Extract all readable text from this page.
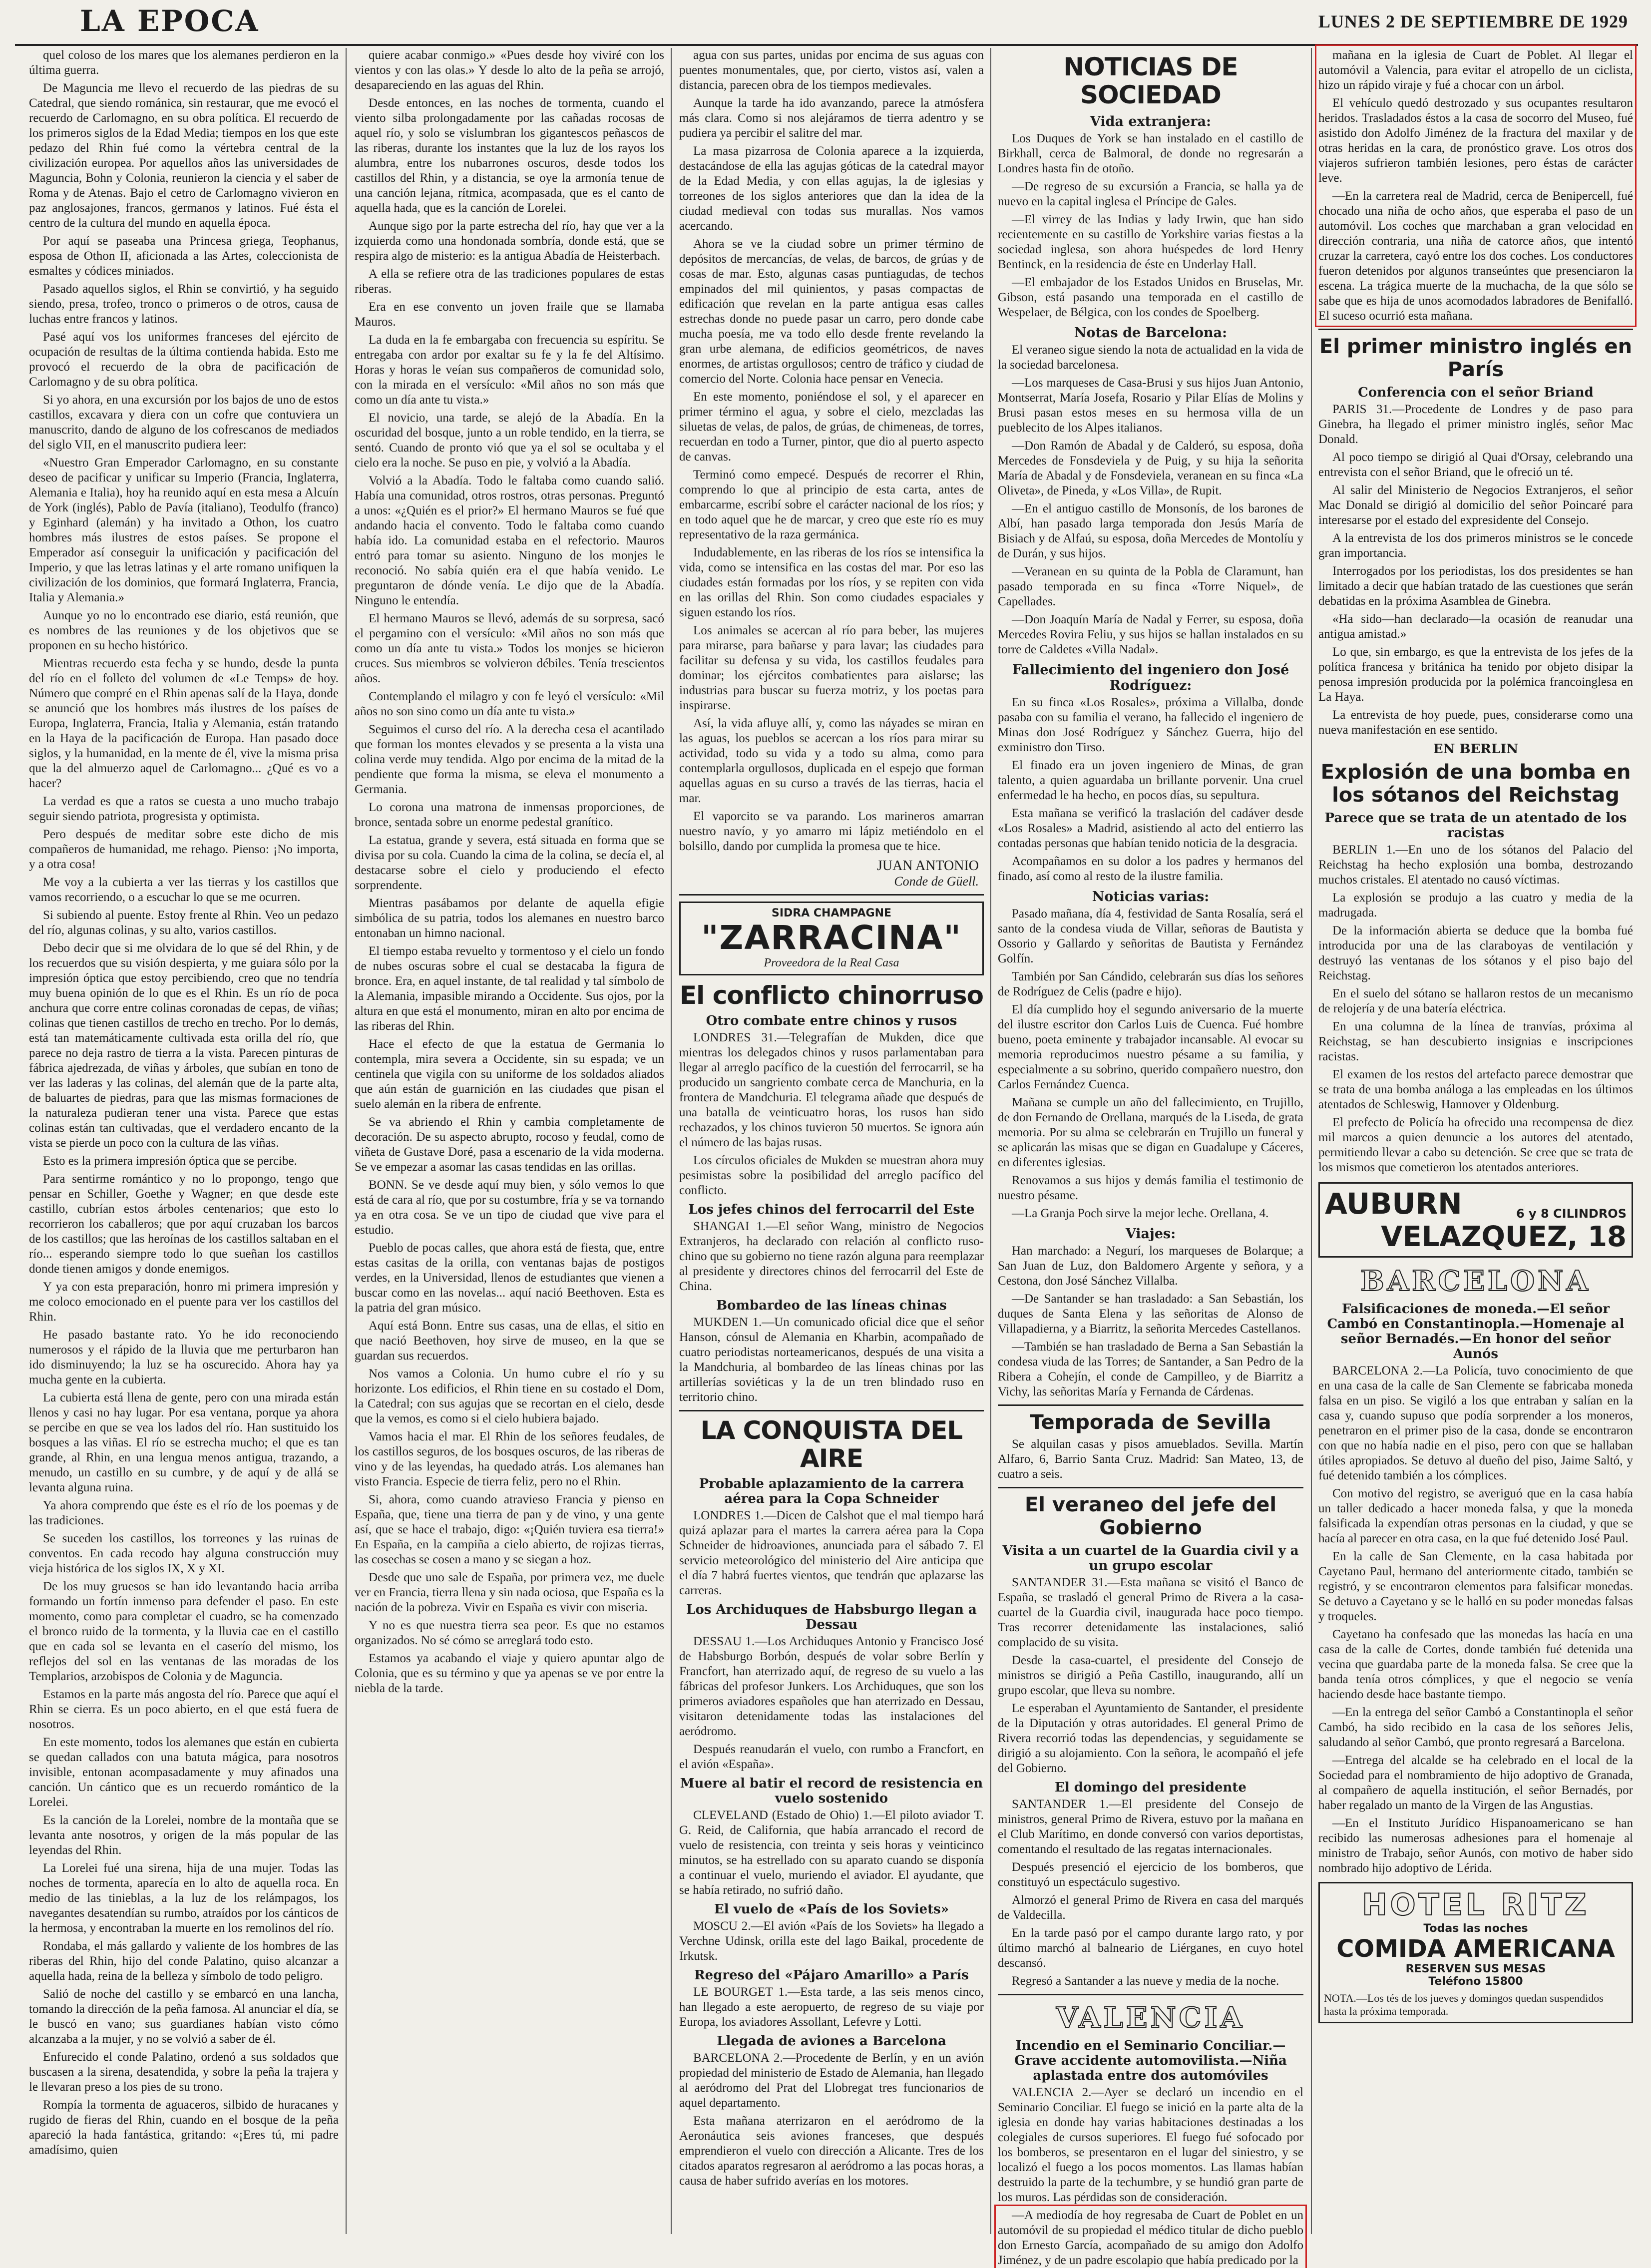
LA EPOCA	LUNES 2 DE SEPTIEMBRE DE 1929

quel coloso de los mares que los alemanes perdieron en la última guerra.

De Maguncia me llevo el recuerdo de las piedras de su Catedral, que siendo románica, sin restaurar, que me evocó el recuerdo de Carlomagno, en su obra política. El recuerdo de los primeros siglos de la Edad Media; tiempos en los que este pedazo del Rhin fué como la vértebra central de la civilización europea. Por aquellos años las universidades de Maguncia, Bohn y Colonia, reunieron la ciencia y el saber de Roma y de Atenas. Bajo el cetro de Carlomagno vivieron en paz anglosajones, francos, germanos y latinos. Fué ésta el centro de la cultura del mundo en aquella época.

Por aquí se paseaba una Princesa griega, Teophanus, esposa de Othon II, aficionada a las Artes, coleccionista de esmaltes y códices miniados.

Pasado aquellos siglos, el Rhin se convirtió, y ha seguido siendo, presa, trofeo, tronco o primeros o de otros, causa de luchas entre francos y latinos.

Pasé aquí vos los uniformes franceses del ejército de ocupación de resultas de la última contienda habida. Esto me provocó el recuerdo de la obra de pacificación de Carlomagno y de su obra política.

Si yo ahora, en una excursión por los bajos de uno de estos castillos, excavara y diera con un cofre que contuviera un manuscrito, dando de alguno de los cofrescanos de mediados del siglo VII, en el manuscrito pudiera leer:

«Nuestro Gran Emperador Carlomagno, en su constante deseo de pacificar y unificar su Imperio (Francia, Inglaterra, Alemania e Italia), hoy ha reunido aquí en esta mesa a Alcuín de York (inglés), Pablo de Pavía (italiano), Teodulfo (franco) y Eginhard (alemán) y ha invitado a Othon, los cuatro hombres más ilustres de estos países. Se propone el Emperador así conseguir la unificación y pacificación del Imperio, y que las letras latinas y el arte romano unifiquen la civilización de los dominios, que formará Inglaterra, Francia, Italia y Alemania.»

Aunque yo no lo encontrado ese diario, está reunión, que es nombres de las reuniones y de los objetivos que se proponen en su hecho histórico.

Mientras recuerdo esta fecha y se hundo, desde la punta del río en el folleto del volumen de «Le Temps» de hoy. Número que compré en el Rhin apenas salí de la Haya, donde se anunció que los hombres más ilustres de los países de Europa, Inglaterra, Francia, Italia y Alemania, están tratando en la Haya de la pacificación de Europa. Han pasado doce siglos, y la humanidad, en la mente de él, vive la misma prisa que la del almuerzo aquel de Carlomagno... ¿Qué es vo a hacer?

La verdad es que a ratos se cuesta a uno mucho trabajo seguir siendo patriota, progresista y optimista.

Pero después de meditar sobre este dicho de mis compañeros de humanidad, me rehago. Pienso: ¡No importa, y a otra cosa!

Me voy a la cubierta a ver las tierras y los castillos que vamos recorriendo, o a escuchar lo que se me ocurren.

Si subiendo al puente. Estoy frente al Rhin. Veo un pedazo del río, algunas colinas, y su alto, varios castillos.

Debo decir que si me olvidara de lo que sé del Rhin, y de los recuerdos que su visión despierta, y me guiara sólo por la impresión óptica que estoy percibiendo, creo que no tendría muy buena opinión de lo que es el Rhin. Es un río de poca anchura que corre entre colinas coronadas de cepas, de viñas; colinas que tienen castillos de trecho en trecho. Por lo demás, está tan matemáticamente cultivada esta orilla del río, que parece no deja rastro de tierra a la vista. Parecen pinturas de fábrica ajedrezada, de viñas y árboles, que subían en tono de ver las laderas y las colinas, del alemán que de la parte alta, de baluartes de piedras, para que las mismas formaciones de la naturaleza pudieran tener una vista. Parece que estas colinas están tan cultivadas, que el verdadero encanto de la vista se pierde un poco con la cultura de las viñas.

Esto es la primera impresión óptica que se percibe.

Para sentirme romántico y no lo propongo, tengo que pensar en Schiller, Goethe y Wagner; en que desde este castillo, cubrían estos árboles centenarios; que esto lo recorrieron los caballeros; que por aquí cruzaban los barcos de los castillos; que las heroínas de los castillos saltaban en el río... esperando siempre todo lo que sueñan los castillos donde tienen amigos y donde enemigos.

Y ya con esta preparación, honro mi primera impresión y me coloco emocionado en el puente para ver los castillos del Rhin.

He pasado bastante rato. Yo he ido reconociendo numerosos y el rápido de la lluvia que me perturbaron han ido disminuyendo; la luz se ha oscurecido. Ahora hay ya mucha gente en la cubierta.

La cubierta está llena de gente, pero con una mirada están llenos y casi no hay lugar. Por esa ventana, porque ya ahora se percibe en que se vea los lados del río. Han sustituido los bosques a las viñas. El río se estrecha mucho; el que es tan grande, al Rhin, en una lengua menos antigua, trazando, a menudo, un castillo en su cumbre, y de aquí y de allá se levanta alguna ruina.

Ya ahora comprendo que éste es el río de los poemas y de las tradiciones.

Se suceden los castillos, los torreones y las ruinas de conventos. En cada recodo hay alguna construcción muy vieja histórica de los siglos IX, X y XI.

De los muy gruesos se han ido levantando hacia arriba formando un fortín inmenso para defender el paso. En este momento, como para completar el cuadro, se ha comenzado el bronco ruido de la tormenta, y la lluvia cae en el castillo que en cada sol se levanta en el caserío del mismo, los reflejos del sol en las ventanas de las moradas de los Templarios, arzobispos de Colonia y de Maguncia.

Estamos en la parte más angosta del río. Parece que aquí el Rhin se cierra. Es un poco abierto, en el que está fuera de nosotros.

En este momento, todos los alemanes que están en cubierta se quedan callados con una batuta mágica, para nosotros invisible, entonan acompasadamente y muy afinados una canción. Un cántico que es un recuerdo romántico de la Lorelei.

Es la canción de la Lorelei, nombre de la montaña que se levanta ante nosotros, y origen de la más popular de las leyendas del Rhin.

La Lorelei fué una sirena, hija de una mujer. Todas las noches de tormenta, aparecía en lo alto de aquella roca. En medio de las tinieblas, a la luz de los relámpagos, los navegantes desatendían su rumbo, atraídos por los cánticos de la hermosa, y encontraban la muerte en los remolinos del río.

Rondaba, el más gallardo y valiente de los hombres de las riberas del Rhin, hijo del conde Palatino, quiso alcanzar a aquella hada, reina de la belleza y símbolo de todo peligro.

Salió de noche del castillo y se embarcó en una lancha, tomando la dirección de la peña famosa. Al anunciar el día, se le buscó en vano; sus guardianes habían visto cómo alcanzaba a la mujer, y no se volvió a saber de él.

Enfurecido el conde Palatino, ordenó a sus soldados que buscasen a la sirena, desatendida, y sobre la peña la trajera y le llevaran preso a los pies de su trono.

Rompía la tormenta de aguaceros, silbido de huracanes y rugido de fieras del Rhin, cuando en el bosque de la peña apareció la hada fantástica, gritando: «¡Eres tú, mi padre amadísimo, quien

quiere acabar conmigo.» «Pues desde hoy viviré con los vientos y con las olas.» Y desde lo alto de la peña se arrojó, desapareciendo en las aguas del Rhin.

Desde entonces, en las noches de tormenta, cuando el viento silba prolongadamente por las cañadas rocosas de aquel río, y solo se vislumbran los gigantescos peñascos de las riberas, durante los instantes que la luz de los rayos los alumbra, entre los nubarrones oscuros, desde todos los castillos del Rhin, y a distancia, se oye la armonía tenue de una canción lejana, rítmica, acompasada, que es el canto de aquella hada, que es la canción de Lorelei.

Aunque sigo por la parte estrecha del río, hay que ver a la izquierda como una hondonada sombría, donde está, que se respira algo de misterio: es la antigua Abadía de Heisterbach.

A ella se refiere otra de las tradiciones populares de estas riberas.

Era en ese convento un joven fraile que se llamaba Mauros.

La duda en la fe embargaba con frecuencia su espíritu. Se entregaba con ardor por exaltar su fe y la fe del Altísimo. Horas y horas le veían sus compañeros de comunidad solo, con la mirada en el versículo: «Mil años no son más que como un día ante tu vista.»

El novicio, una tarde, se alejó de la Abadía. En la oscuridad del bosque, junto a un roble tendido, en la tierra, se sentó. Cuando de pronto vió que ya el sol se ocultaba y el cielo era la noche. Se puso en pie, y volvió a la Abadía.

Volvió a la Abadía. Todo le faltaba como cuando salió. Había una comunidad, otros rostros, otras personas. Preguntó a unos: «¿Quién es el prior?» El hermano Mauros se fué que andando hacia el convento. Todo le faltaba como cuando había ido. La comunidad estaba en el refectorio. Mauros entró para tomar su asiento. Ninguno de los monjes le reconoció. No sabía quién era el que había venido. Le preguntaron de dónde venía. Le dijo que de la Abadía. Ninguno le entendía.

El hermano Mauros se llevó, además de su sorpresa, sacó el pergamino con el versículo: «Mil años no son más que como un día ante tu vista.» Todos los monjes se hicieron cruces. Sus miembros se volvieron débiles. Tenía trescientos años.

Contemplando el milagro y con fe leyó el versículo: «Mil años no son sino como un día ante tu vista.»

Seguimos el curso del río. A la derecha cesa el acantilado que forman los montes elevados y se presenta a la vista una colina verde muy tendida. Algo por encima de la mitad de la pendiente que forma la misma, se eleva el monumento a Germania.

Lo corona una matrona de inmensas proporciones, de bronce, sentada sobre un enorme pedestal granítico.

La estatua, grande y severa, está situada en forma que se divisa por su cola. Cuando la cima de la colina, se decía el, al destacarse sobre el cielo y produciendo el efecto sorprendente.

Mientras pasábamos por delante de aquella efigie simbólica de su patria, todos los alemanes en nuestro barco entonaban un himno nacional.

El tiempo estaba revuelto y tormentoso y el cielo un fondo de nubes oscuras sobre el cual se destacaba la figura de bronce. Era, en aquel instante, de tal realidad y tal símbolo de la Alemania, impasible mirando a Occidente. Sus ojos, por la altura en que está el monumento, miran en alto por encima de las riberas del Rhin.

Hace el efecto de que la estatua de Germania lo contempla, mira severa a Occidente, sin su espada; ve un centinela que vigila con su uniforme de los soldados aliados que aún están de guarnición en las ciudades que pisan el suelo alemán en la ribera de enfrente.

Se va abriendo el Rhin y cambia completamente de decoración. De su aspecto abrupto, rocoso y feudal, como de viñeta de Gustave Doré, pasa a escenario de la vida moderna. Se ve empezar a asomar las casas tendidas en las orillas.

BONN. Se ve desde aquí muy bien, y sólo vemos lo que está de cara al río, que por su costumbre, fría y se va tornando ya en otra cosa. Se ve un tipo de ciudad que vive para el estudio.

Pueblo de pocas calles, que ahora está de fiesta, que, entre estas casitas de la orilla, con ventanas bajas de postigos verdes, en la Universidad, llenos de estudiantes que vienen a buscar como en las novelas... aquí nació Beethoven. Esta es la patria del gran músico.

Aquí está Bonn. Entre sus casas, una de ellas, el sitio en que nació Beethoven, hoy sirve de museo, en la que se guardan sus recuerdos.

Nos vamos a Colonia. Un humo cubre el río y su horizonte. Los edificios, el Rhin tiene en su costado el Dom, la Catedral; con sus agujas que se recortan en el cielo, desde que la vemos, es como si el cielo hubiera bajado.

Vamos hacia el mar. El Rhin de los señores feudales, de los castillos seguros, de los bosques oscuros, de las riberas de vino y de las leyendas, ha quedado atrás. Los alemanes han visto Francia. Especie de tierra feliz, pero no el Rhin.

Si, ahora, como cuando atravieso Francia y pienso en España, que, tiene una tierra de pan y de vino, y una gente así, que se hace el trabajo, digo: «¡Quién tuviera esa tierra!» En España, en la campiña a cielo abierto, de rojizas tierras, las cosechas se cosen a mano y se siegan a hoz.

Desde que uno sale de España, por primera vez, me duele ver en Francia, tierra llena y sin nada ociosa, que España es la nación de la pobreza. Vivir en España es vivir con miseria.

Y no es que nuestra tierra sea peor. Es que no estamos organizados. No sé cómo se arreglará todo esto.

Estamos ya acabando el viaje y quiero apuntar algo de Colonia, que es su término y que ya apenas se ve por entre la niebla de la tarde.

agua con sus partes, unidas por encima de sus aguas con puentes monumentales, que, por cierto, vistos así, valen a distancia, parecen obra de los tiempos medievales.

Aunque la tarde ha ido avanzando, parece la atmósfera más clara. Como si nos alejáramos de tierra adentro y se pudiera ya percibir el salitre del mar.

La masa pizarrosa de Colonia aparece a la izquierda, destacándose de ella las agujas góticas de la catedral mayor de la Edad Media, y con ellas agujas, la de iglesias y torreones de los siglos anteriores que dan la idea de la ciudad medieval con todas sus murallas. Nos vamos acercando.

Ahora se ve la ciudad sobre un primer término de depósitos de mercancías, de velas, de barcos, de grúas y de cosas de mar. Esto, algunas casas puntiagudas, de techos empinados del mil quinientos, y pasas compactas de edificación que revelan en la parte antigua esas calles estrechas donde no puede pasar un carro, pero donde cabe mucha poesía, me va todo ello desde frente revelando la gran urbe alemana, de edificios geométricos, de naves enormes, de artistas orgullosos; centro de tráfico y ciudad de comercio del Norte. Colonia hace pensar en Venecia.

En este momento, poniéndose el sol, y el aparecer en primer término el agua, y sobre el cielo, mezcladas las siluetas de velas, de palos, de grúas, de chimeneas, de torres, recuerdan en todo a Turner, pintor, que dio al puerto aspecto de canvas.

Terminó como empecé. Después de recorrer el Rhin, comprendo lo que al principio de esta carta, antes de embarcarme, escribí sobre el carácter nacional de los ríos; y en todo aquel que he de marcar, y creo que este río es muy representativo de la raza germánica.

Indudablemente, en las riberas de los ríos se intensifica la vida, como se intensifica en las costas del mar. Por eso las ciudades están formadas por los ríos, y se repiten con vida en las orillas del Rhin. Son como ciudades espaciales y siguen estando los ríos.

Los animales se acercan al río para beber, las mujeres para mirarse, para bañarse y para lavar; las ciudades para facilitar su defensa y su vida, los castillos feudales para dominar; los ejércitos combatientes para aislarse; las industrias para buscar su fuerza motriz, y los poetas para inspirarse.

Así, la vida afluye allí, y, como las náyades se miran en las aguas, los pueblos se acercan a los ríos para mirar su actividad, todo su vida y a todo su alma, como para contemplarla orgullosos, duplicada en el espejo que forman aquellas aguas en su curso a través de las tierras, hacia el mar.

El vaporcito se va parando. Los marineros amarran nuestro navío, y yo amarro mi lápiz metiéndolo en el bolsillo, dando por cumplida la promesa que te hice.

JUAN ANTONIO
Conde de Güell.
SIDRA CHAMPAGNE
"ZARRACINA"
Proveedora de la Real Casa
El conflicto chinorruso
Otro combate entre chinos y rusos

LONDRES 31.—Telegrafían de Mukden, dice que mientras los delegados chinos y rusos parlamentaban para llegar al arreglo pacífico de la cuestión del ferrocarril, se ha producido un sangriento combate cerca de Manchuria, en la frontera de Mandchuria. El telegrama añade que después de una batalla de veinticuatro horas, los rusos han sido rechazados, y los chinos tuvieron 50 muertos. Se ignora aún el número de las bajas rusas.

Los círculos oficiales de Mukden se muestran ahora muy pesimistas sobre la posibilidad del arreglo pacífico del conflicto.

Los jefes chinos del ferrocarril del Este

SHANGAI 1.—El señor Wang, ministro de Negocios Extranjeros, ha declarado con relación al conflicto ruso-chino que su gobierno no tiene razón alguna para reemplazar al presidente y directores chinos del ferrocarril del Este de China.

Bombardeo de las líneas chinas

MUKDEN 1.—Un comunicado oficial dice que el señor Hanson, cónsul de Alemania en Kharbin, acompañado de cuatro periodistas norteamericanos, después de una visita a la Mandchuria, al bombardeo de las líneas chinas por las artillerías soviéticas y la de un tren blindado ruso en territorio chino.

LA CONQUISTA DEL AIRE
Probable aplazamiento de la carrera aérea para la Copa Schneider

LONDRES 1.—Dicen de Calshot que el mal tiempo hará quizá aplazar para el martes la carrera aérea para la Copa Schneider de hidroaviones, anunciada para el sábado 7. El servicio meteorológico del ministerio del Aire anticipa que el día 7 habrá fuertes vientos, que tendrán que aplazarse las carreras.

Los Archiduques de Habsburgo llegan a Dessau

DESSAU 1.—Los Archiduques Antonio y Francisco José de Habsburgo Borbón, después de volar sobre Berlín y Francfort, han aterrizado aquí, de regreso de su vuelo a las fábricas del profesor Junkers. Los Archiduques, que son los primeros aviadores españoles que han aterrizado en Dessau, visitaron detenidamente todas las instalaciones del aeródromo.

Después reanudarán el vuelo, con rumbo a Francfort, en el avión «España».

Muere al batir el record de resistencia en vuelo sostenido

CLEVELAND (Estado de Ohio) 1.—El piloto aviador T. G. Reid, de California, que había arrancado el record de vuelo de resistencia, con treinta y seis horas y veinticinco minutos, se ha estrellado con su aparato cuando se disponía a continuar el vuelo, muriendo el aviador. El ayudante, que se había retirado, no sufrió daño.

El vuelo de «País de los Soviets»

MOSCU 2.—El avión «País de los Soviets» ha llegado a Verchne Udinsk, orilla este del lago Baikal, procedente de Irkutsk.

Regreso del «Pájaro Amarillo» a París

LE BOURGET 1.—Esta tarde, a las seis menos cinco, han llegado a este aeropuerto, de regreso de su viaje por Europa, los aviadores Assollant, Lefevre y Lotti.

Llegada de aviones a Barcelona

BARCELONA 2.—Procedente de Berlín, y en un avión propiedad del ministerio de Estado de Alemania, han llegado al aeródromo del Prat del Llobregat tres funcionarios de aquel departamento.

Esta mañana aterrizaron en el aeródromo de la Aeronáutica seis aviones franceses, que después emprendieron el vuelo con dirección a Alicante. Tres de los citados aparatos regresaron al aeródromo a las pocas horas, a causa de haber sufrido averías en los motores.

NOTICIAS DE SOCIEDAD
Vida extranjera:

Los Duques de York se han instalado en el castillo de Birkhall, cerca de Balmoral, de donde no regresarán a Londres hasta fin de otoño.

—De regreso de su excursión a Francia, se halla ya de nuevo en la capital inglesa el Príncipe de Gales.

—El virrey de las Indias y lady Irwin, que han sido recientemente en su castillo de Yorkshire varias fiestas a la sociedad inglesa, son ahora huéspedes de lord Henry Bentinck, en la residencia de éste en Underlay Hall.

—El embajador de los Estados Unidos en Bruselas, Mr. Gibson, está pasando una temporada en el castillo de Wespelaer, de Bélgica, con los condes de Spoelberg.

Notas de Barcelona:

El veraneo sigue siendo la nota de actualidad en la vida de la sociedad barcelonesa.

—Los marqueses de Casa-Brusi y sus hijos Juan Antonio, Montserrat, María Josefa, Rosario y Pilar Elías de Molins y Brusi pasan estos meses en su hermosa villa de un pueblecito de los Alpes italianos.

—Don Ramón de Abadal y de Calderó, su esposa, doña Mercedes de Fonsdeviela y de Puig, y su hija la señorita María de Abadal y de Fonsdeviela, veranean en su finca «La Oliveta», de Pineda, y «Los Villa», de Rupit.

—En el antiguo castillo de Monsonís, de los barones de Albí, han pasado larga temporada don Jesús María de Bisiach y de Alfaú, su esposa, doña Mercedes de Montolíu y de Durán, y sus hijos.

—Veranean en su quinta de la Pobla de Claramunt, han pasado temporada en su finca «Torre Niquel», de Capellades.

—Don Joaquín María de Nadal y Ferrer, su esposa, doña Mercedes Rovira Feliu, y sus hijos se hallan instalados en su torre de Caldetes «Villa Nadal».

Fallecimiento del ingeniero don José Rodríguez:

En su finca «Los Rosales», próxima a Villalba, donde pasaba con su familia el verano, ha fallecido el ingeniero de Minas don José Rodríguez y Sánchez Guerra, hijo del exministro don Tirso.

El finado era un joven ingeniero de Minas, de gran talento, a quien aguardaba un brillante porvenir. Una cruel enfermedad le ha hecho, en pocos días, su sepultura.

Esta mañana se verificó la traslación del cadáver desde «Los Rosales» a Madrid, asistiendo al acto del entierro las contadas personas que habían tenido noticia de la desgracia.

Acompañamos en su dolor a los padres y hermanos del finado, así como al resto de la ilustre familia.

Noticias varias:

Pasado mañana, día 4, festividad de Santa Rosalía, será el santo de la condesa viuda de Villar, señoras de Bautista y Ossorio y Gallardo y señoritas de Bautista y Fernández Golfín.

También por San Cándido, celebrarán sus días los señores de Rodríguez de Celis (padre e hijo).

El día cumplido hoy el segundo aniversario de la muerte del ilustre escritor don Carlos Luis de Cuenca. Fué hombre bueno, poeta eminente y trabajador incansable. Al evocar su memoria reproducimos nuestro pésame a su familia, y especialmente a su sobrino, querido compañero nuestro, don Carlos Fernández Cuenca.

Mañana se cumple un año del fallecimiento, en Trujillo, de don Fernando de Orellana, marqués de la Liseda, de grata memoria. Por su alma se celebrarán en Trujillo un funeral y se aplicarán las misas que se digan en Guadalupe y Cáceres, en diferentes iglesias.

Renovamos a sus hijos y demás familia el testimonio de nuestro pésame.

—La Granja Poch sirve la mejor leche. Orellana, 4.

Viajes:

Han marchado: a Negurí, los marqueses de Bolarque; a San Juan de Luz, don Baldomero Argente y señora, y a Cestona, don José Sánchez Villalba.

—De Santander se han trasladado: a San Sebastián, los duques de Santa Elena y las señoritas de Alonso de Villapadierna, y a Biarritz, la señorita Mercedes Castellanos.

—También se han trasladado de Berna a San Sebastián la condesa viuda de las Torres; de Santander, a San Pedro de la Ribera a Cohejín, el conde de Campilleo, y de Biarritz a Vichy, las señoritas María y Fernanda de Cárdenas.

Temporada de Sevilla

Se alquilan casas y pisos amueblados. Sevilla. Martín Alfaro, 6, Barrio Santa Cruz. Madrid: San Mateo, 13, de cuatro a seis.

El veraneo del jefe del Gobierno
Visita a un cuartel de la Guardia civil y a un grupo escolar

SANTANDER 31.—Esta mañana se visitó el Banco de España, se trasladó el general Primo de Rivera a la casa-cuartel de la Guardia civil, inaugurada hace poco tiempo. Tras recorrer detenidamente las instalaciones, salió complacido de su visita.

Desde la casa-cuartel, el presidente del Consejo de ministros se dirigió a Peña Castillo, inaugurando, allí un grupo escolar, que lleva su nombre.

Le esperaban el Ayuntamiento de Santander, el presidente de la Diputación y otras autoridades. El general Primo de Rivera recorrió todas las dependencias, y seguidamente se dirigió a su alojamiento. Con la señora, le acompañó el jefe del Gobierno.

El domingo del presidente

SANTANDER 1.—El presidente del Consejo de ministros, general Primo de Rivera, estuvo por la mañana en el Club Marítimo, en donde conversó con varios deportistas, comentando el resultado de las regatas internacionales.

Después presenció el ejercicio de los bomberos, que constituyó un espectáculo sugestivo.

Almorzó el general Primo de Rivera en casa del marqués de Valdecilla.

En la tarde pasó por el campo durante largo rato, y por último marchó al balneario de Liérganes, en cuyo hotel descansó.

Regresó a Santander a las nueve y media de la noche.

VALENCIA
Incendio en el Seminario Conciliar.—Grave accidente automovilista.—Niña aplastada entre dos automóviles

VALENCIA 2.—Ayer se declaró un incendio en el Seminario Conciliar. El fuego se inició en la parte alta de la iglesia en donde hay varias habitaciones destinadas a los colegiales de cursos superiores. El fuego fué sofocado por los bomberos, se presentaron en el lugar del siniestro, y se localizó el fuego a los pocos momentos. Las llamas habían destruido la parte de la techumbre, y se hundió gran parte de los muros. Las pérdidas son de consideración.

—A mediodía de hoy regresaba de Cuart de Poblet en un automóvil de su propiedad el médico titular de dicho pueblo don Ernesto García, acompañado de su amigo don Adolfo Jiménez, y de un padre escolapio que había predicado por la

mañana en la iglesia de Cuart de Poblet. Al llegar el automóvil a Valencia, para evitar el atropello de un ciclista, hizo un rápido viraje y fué a chocar con un árbol.

El vehículo quedó destrozado y sus ocupantes resultaron heridos. Trasladados éstos a la casa de socorro del Museo, fué asistido don Adolfo Jiménez de la fractura del maxilar y de otras heridas en la cara, de pronóstico grave. Los otros dos viajeros sufrieron también lesiones, pero éstas de carácter leve.

—En la carretera real de Madrid, cerca de Benipercell, fué chocado una niña de ocho años, que esperaba el paso de un automóvil. Los coches que marchaban a gran velocidad en dirección contraria, una niña de catorce años, que intentó cruzar la carretera, cayó entre los dos coches. Los conductores fueron detenidos por algunos transeúntes que presenciaron la escena. La trágica muerte de la muchacha, de la que sólo se sabe que es hija de unos acomodados labradores de Benifalló. El suceso ocurrió esta mañana.

El primer ministro inglés en París
Conferencia con el señor Briand

PARIS 31.—Procedente de Londres y de paso para Ginebra, ha llegado el primer ministro inglés, señor Mac Donald.

Al poco tiempo se dirigió al Quai d'Orsay, celebrando una entrevista con el señor Briand, que le ofreció un té.

Al salir del Ministerio de Negocios Extranjeros, el señor Mac Donald se dirigió al domicilio del señor Poincaré para interesarse por el estado del expresidente del Consejo.

A la entrevista de los dos primeros ministros se le concede gran importancia.

Interrogados por los periodistas, los dos presidentes se han limitado a decir que habían tratado de las cuestiones que serán debatidas en la próxima Asamblea de Ginebra.

«Ha sido—han declarado—la ocasión de reanudar una antigua amistad.»

Lo que, sin embargo, es que la entrevista de los jefes de la política francesa y británica ha tenido por objeto disipar la penosa impresión producida por la polémica francoinglesa en La Haya.

La entrevista de hoy puede, pues, considerarse como una nueva manifestación en ese sentido.

EN BERLIN
Explosión de una bomba en los sótanos del Reichstag
Parece que se trata de un atentado de los racistas

BERLIN 1.—En uno de los sótanos del Palacio del Reichstag ha hecho explosión una bomba, destrozando muchos cristales. El atentado no causó víctimas.

La explosión se produjo a las cuatro y media de la madrugada.

De la información abierta se deduce que la bomba fué introducida por una de las claraboyas de ventilación y destruyó las ventanas de los sótanos y el piso bajo del Reichstag.

En el suelo del sótano se hallaron restos de un mecanismo de relojería y de una batería eléctrica.

En una columna de la línea de tranvías, próxima al Reichstag, se han descubierto insignias e inscripciones racistas.

El examen de los restos del artefacto parece demostrar que se trata de una bomba análoga a las empleadas en los últimos atentados de Schleswig, Hannover y Oldenburg.

El prefecto de Policía ha ofrecido una recompensa de diez mil marcos a quien denuncie a los autores del atentado, permitiendo llevar a cabo su detención. Se cree que se trata de los mismos que cometieron los atentados anteriores.

AUBURN	6 y 8 CILINDROS
VELAZQUEZ, 18
BARCELONA
Falsificaciones de moneda.—El señor Cambó en Constantinopla.—Homenaje al señor Bernadés.—En honor del señor Aunós

BARCELONA 2.—La Policía, tuvo conocimiento de que en una casa de la calle de San Clemente se fabricaba moneda falsa en un piso. Se vigiló a los que entraban y salían en la casa y, cuando supuso que podía sorprender a los moneros, penetraron en el primer piso de la casa, donde se encontraron con que no había nadie en el piso, pero con que se hallaban útiles apropiados. Se detuvo al dueño del piso, Jaime Saltó, y fué detenido también a los cómplices.

Con motivo del registro, se averiguó que en la casa había un taller dedicado a hacer moneda falsa, y que la moneda falsificada la expendían otras personas en la ciudad, y que se hacía al parecer en otra casa, en la que fué detenido José Paul.

En la calle de San Clemente, en la casa habitada por Cayetano Paul, hermano del anteriormente citado, también se registró, y se encontraron elementos para falsificar monedas. Se detuvo a Cayetano y se le halló en su poder monedas falsas y troqueles.

Cayetano ha confesado que las monedas las hacía en una casa de la calle de Cortes, donde también fué detenida una vecina que guardaba parte de la moneda falsa. Se cree que la banda tenía otros cómplices, y que el negocio se venía haciendo desde hace bastante tiempo.

—En la entrega del señor Cambó a Constantinopla el señor Cambó, ha sido recibido en la casa de los señores Jelis, saludando al señor Cambó, que pronto regresará a Barcelona.

—Entrega del alcalde se ha celebrado en el local de la Sociedad para el nombramiento de hijo adoptivo de Granada, al compañero de aquella institución, el señor Bernadés, por haber regalado un manto de la Virgen de las Angustias.

—En el Instituto Jurídico Hispanoamericano se han recibido las numerosas adhesiones para el homenaje al ministro de Trabajo, señor Aunós, con motivo de haber sido nombrado hijo adoptivo de Lérida.

HOTEL RITZ
Todas las noches
COMIDA AMERICANA
RESERVEN SUS MESAS
Teléfono 15800
NOTA.—Los tés de los jueves y domingos quedan suspendidos hasta la próxima temporada.
